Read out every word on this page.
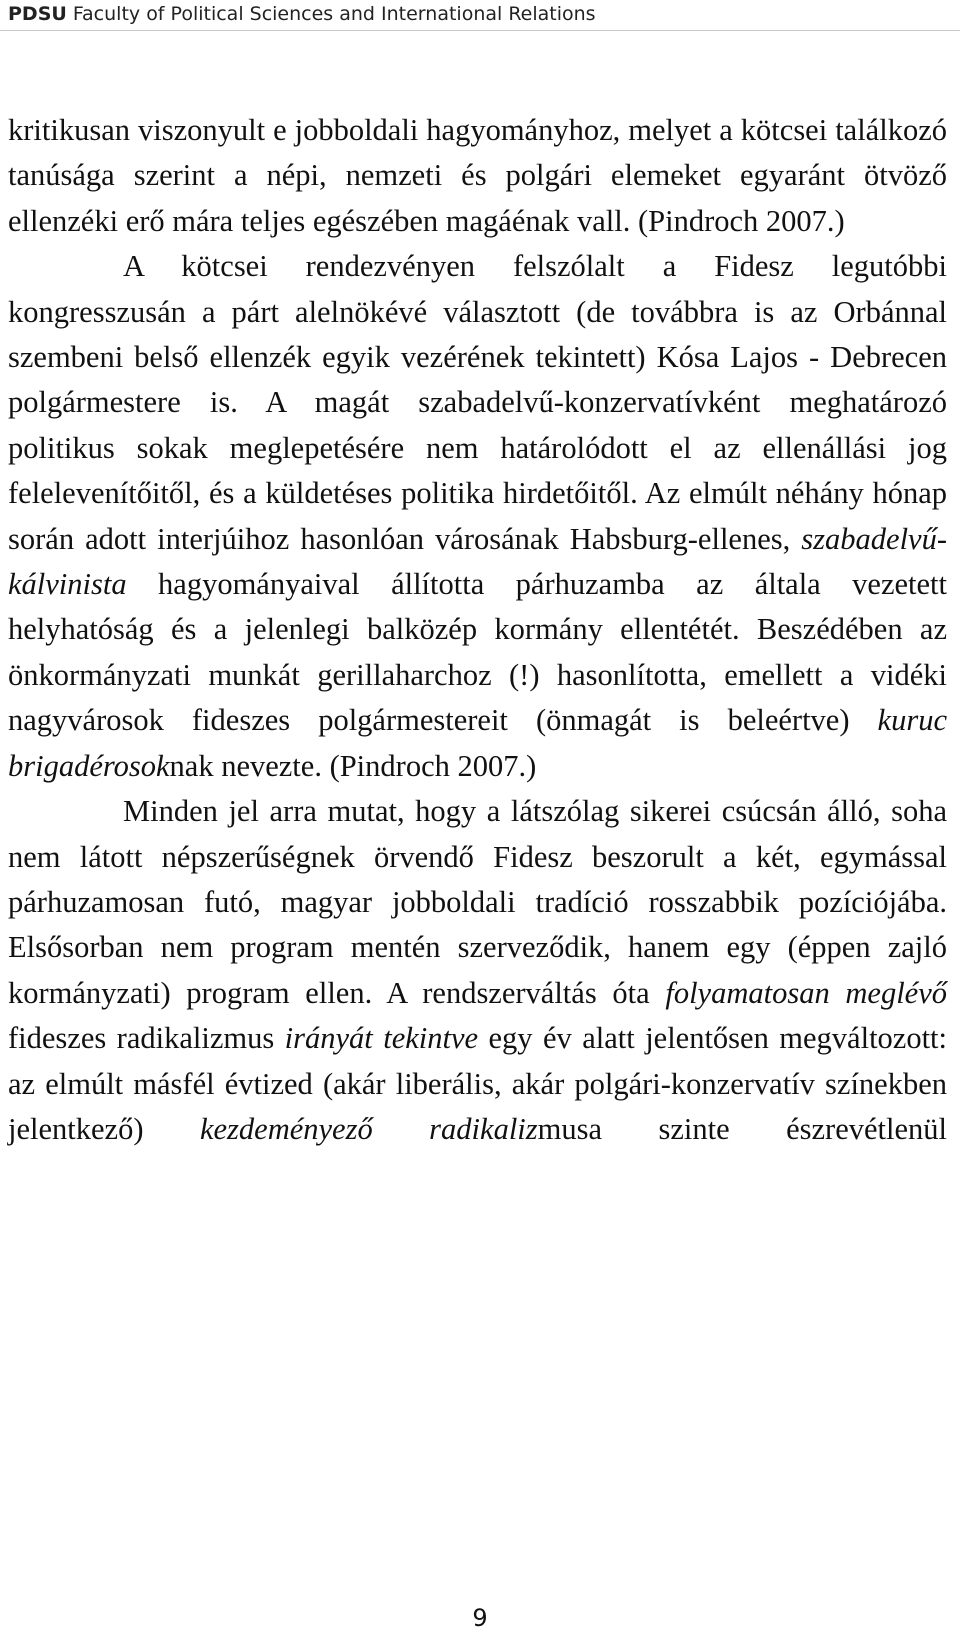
PDSU Faculty of Political Sciences and International Relations

kritikusan viszonyult e jobboldali hagyományhoz, melyet a kötcsei találkozó tanúsága szerint a népi, nemzeti és polgári elemeket egyaránt ötvöző ellenzéki erő mára teljes egészében magáénak vall. (Pindroch 2007.)

A kötcsei rendezvényen felszólalt a Fidesz legutóbbi kongresszusán a párt alelnökévé választott (de továbbra is az Orbánnal szembeni belső ellenzék egyik vezérének tekintett) Kósa Lajos - Debrecen polgármestere is. A magát szabadelvű-konzervatívként meghatározó politikus sokak meglepetésére nem határolódott el az ellenállási jog felelevenítőitől, és a küldetéses politika hirdetőitől. Az elmúlt néhány hónap során adott interjúihoz hasonlóan városának Habsburg-ellenes, szabadelvű-kálvinista hagyományaival állította párhuzamba az általa vezetett helyhatóság és a jelenlegi balközép kormány ellentétét. Beszédében az önkormányzati munkát gerillaharchoz (!) hasonlította, emellett a vidéki nagyvárosok fideszes polgármestereit (önmagát is beleértve) kuruc brigadérosoknak nevezte. (Pindroch 2007.)

Minden jel arra mutat, hogy a látszólag sikerei csúcsán álló, soha nem látott népszerűségnek örvendő Fidesz beszorult a két, egymással párhuzamosan futó, magyar jobboldali tradíció rosszabbik pozíciójába. Elsősorban nem program mentén szerveződik, hanem egy (éppen zajló kormányzati) program ellen. A rendszerváltás óta folyamatosan meglévő fideszes radikalizmus irányát tekintve egy év alatt jelentősen megváltozott: az elmúlt másfél évtized (akár liberális, akár polgári-konzervatív színekben jelentkező) kezdeményező radikalizmusa szinte észrevétlenül

9
